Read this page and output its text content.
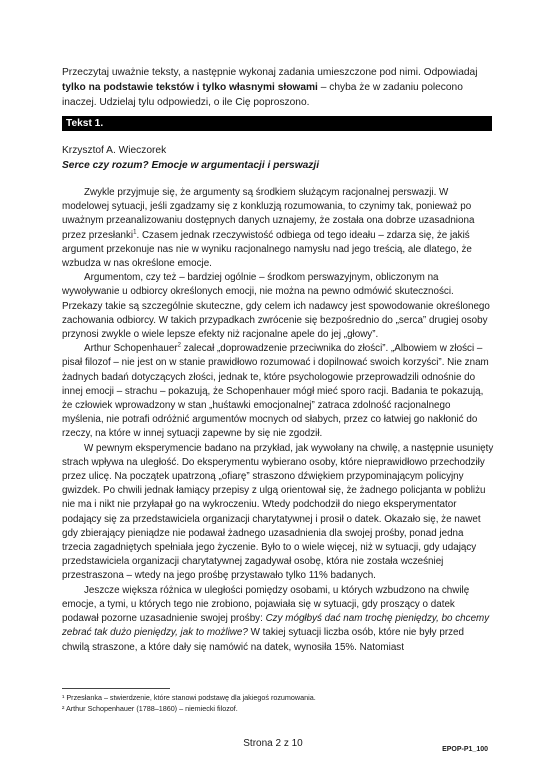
Przeczytaj uważnie teksty, a następnie wykonaj zadania umieszczone pod nimi. Odpowiadaj tylko na podstawie tekstów i tylko własnymi słowami – chyba że w zadaniu polecono inaczej. Udzielaj tylu odpowiedzi, o ile Cię poproszono.
Tekst 1.
Krzysztof A. Wieczorek
Serce czy rozum? Emocje w argumentacji i perswazji

Zwykle przyjmuje się, że argumenty są środkiem służącym racjonalnej perswazji. W modelowej sytuacji, jeśli zgadzamy się z konkluzją rozumowania, to czynimy tak, ponieważ po uważnym przeanalizowaniu dostępnych danych uznajemy, że została ona dobrze uzasadniona przez przesłanki$^1$. Czasem jednak rzeczywistość odbiega od tego ideału – zdarza się, że jakiś argument przekonuje nas nie w wyniku racjonalnego namysłu nad jego treścią, ale dlatego, że wzbudza w nas określone emocje.

Argumentom, czy też – bardziej ogólnie – środkom perswazyjnym, obliczonym na wywoływanie u odbiorcy określonych emocji, nie można na pewno odmówić skuteczności. Przekazy takie są szczególnie skuteczne, gdy celem ich nadawcy jest spowodowanie określonego zachowania odbiorcy. W takich przypadkach zwrócenie się bezpośrednio do „serca” drugiej osoby przynosi zwykle o wiele lepsze efekty niż racjonalne apele do jej „głowy”.

Arthur Schopenhauer$^2$ zalecał „doprowadzenie przeciwnika do złości”. „Albowiem w złości – pisał filozof – nie jest on w stanie prawidłowo rozumować i dopilnować swoich korzyści”. Nie znam żadnych badań dotyczących złości, jednak te, które psychologowie przeprowadzili odnośnie do innej emocji – strachu – pokazują, że Schopenhauer mógł mieć sporo racji. Badania te pokazują, że człowiek wprowadzony w stan „huśtawki emocjonalnej” zatraca zdolność racjonalnego myślenia, nie potrafi odróżnić argumentów mocnych od słabych, przez co łatwiej go nakłonić do rzeczy, na które w innej sytuacji zapewne by się nie zgodził.

W pewnym eksperymencie badano na przykład, jak wywołany na chwilę, a następnie usunięty strach wpływa na uległość. Do eksperymentu wybierano osoby, które nieprawidłowo przechodziły przez ulicę. Na początek upatrzoną „ofiarę” straszono dźwiękiem przypominającym policyjny gwizdek. Po chwili jednak łamiący przepisy z ulgą orientował się, że żadnego policjanta w pobliżu nie ma i nikt nie przyłapał go na wykroczeniu. Wtedy podchodził do niego eksperymentator podający się za przedstawiciela organizacji charytatywnej i prosił o datek. Okazało się, że nawet gdy zbierający pieniądze nie podawał żadnego uzasadnienia dla swojej prośby, ponad jedna trzecia zagadniętych spełniała jego życzenie. Było to o wiele więcej, niż w sytuacji, gdy udający przedstawiciela organizacji charytatywnej zagadywał osobę, która nie została wcześniej przestraszona – wtedy na jego prośbę przystawało tylko 11% badanych.

Jeszcze większa różnica w uległości pomiędzy osobami, u których wzbudzono na chwilę emocje, a tymi, u których tego nie zrobiono, pojawiała się w sytuacji, gdy proszący o datek podawał pozorne uzasadnienie swojej prośby: Czy mógłbyś dać nam trochę pieniędzy, bo chcemy zebrać tak dużo pieniędzy, jak to możliwe? W takiej sytuacji liczba osób, które nie były przed chwilą straszone, a które dały się namówić na datek, wynosiła 15%. Natomiast

¹ Przesłanka – stwierdzenie, które stanowi podstawę dla jakiegoś rozumowania.
² Arthur Schopenhauer (1788–1860) – niemiecki filozof.
Strona 2 z 10
EPOP-P1_100
